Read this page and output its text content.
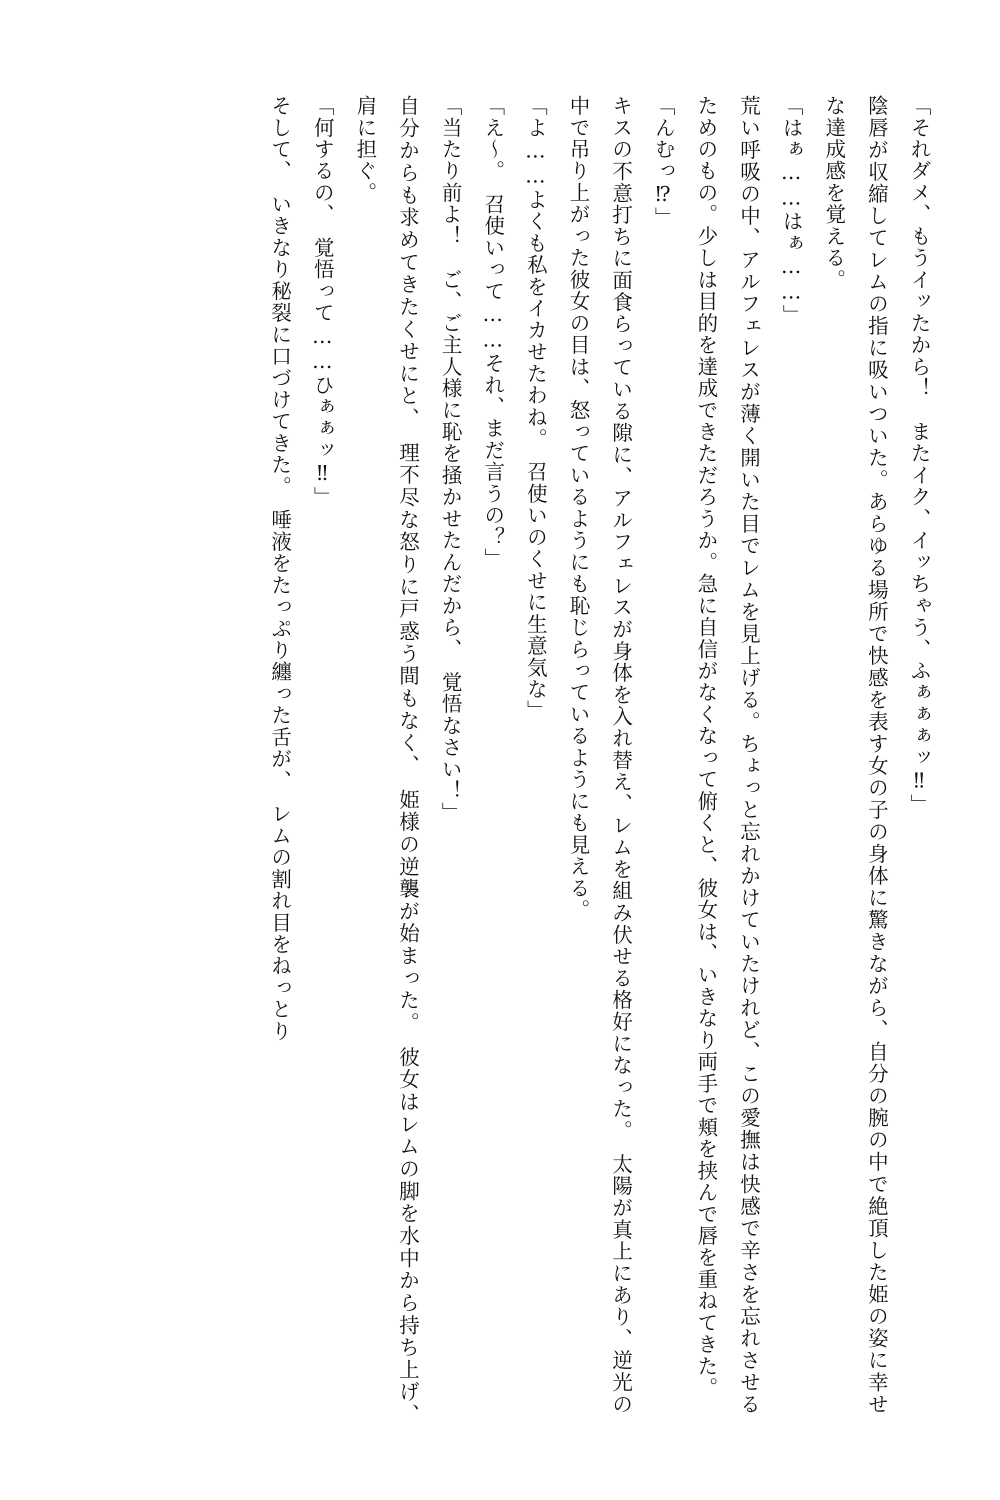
「それダメ、もうイッたから！　またイク、イッちゃう、ふぁぁぁッ‼」

陰唇が収縮してレムの指に吸いついた。あらゆる場所で快感を表す女の子の身体に驚きながら、自分の腕の中で絶頂した姫の姿に幸せな達成感を覚える。

「はぁ……はぁ……」

荒い呼吸の中、アルフェレスが薄く開いた目でレムを見上げる。ちょっと忘れかけていたけれど、この愛撫は快感で辛さを忘れさせるためのもの。少しは目的を達成できただろうか。急に自信がなくなって俯くと、彼女は、いきなり両手で頬を挟んで唇を重ねてきた。

「んむっ⁉」

キスの不意打ちに面食らっている隙に、アルフェレスが身体を入れ替え、レムを組み伏せる格好になった。　太陽が真上にあり、逆光の中で吊り上がった彼女の目は、怒っているようにも恥じらっているようにも見える。

「よ……よくも私をイカせたわね。　召使いのくせに生意気な」

「え〜。　召使いって……それ、まだ言うの？」

「当たり前よ！　ご、ご主人様に恥を掻かせたんだから、　覚悟なさい！」

自分からも求めてきたくせにと、　理不尽な怒りに戸惑う間もなく、　姫様の逆襲が始まった。　彼女はレムの脚を水中から持ち上げ、　肩に担ぐ。

「何するの、　覚悟って……ひぁぁッ‼」

そして、　いきなり秘裂に口づけてきた。　唾液をたっぷり纏った舌が、　レムの割れ目をねっとり
